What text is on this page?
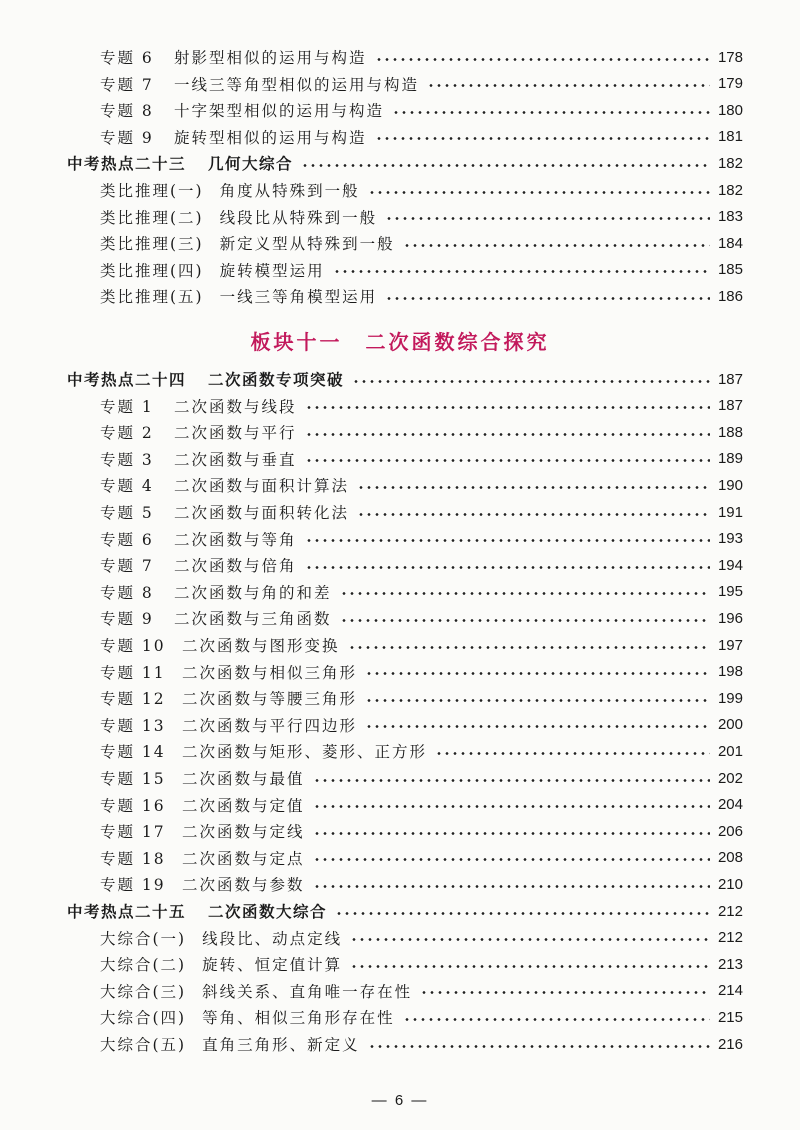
专题 6 射影型相似的运用与构造	178
专题 7 一线三等角型相似的运用与构造	179
专题 8 十字架型相似的运用与构造	180
专题 9 旋转型相似的运用与构造	181
中考热点二十三 几何大综合	182
类比推理(一) 角度从特殊到一般	182
类比推理(二) 线段比从特殊到一般	183
类比推理(三) 新定义型从特殊到一般	184
类比推理(四) 旋转模型运用	185
类比推理(五) 一线三等角模型运用	186
中考热点二十四 二次函数专项突破	187
专题 1 二次函数与线段	187
专题 2 二次函数与平行	188
专题 3 二次函数与垂直	189
专题 4 二次函数与面积计算法	190
专题 5 二次函数与面积转化法	191
专题 6 二次函数与等角	193
专题 7 二次函数与倍角	194
专题 8 二次函数与角的和差	195
专题 9 二次函数与三角函数	196
专题 10 二次函数与图形变换	197
专题 11 二次函数与相似三角形	198
专题 12 二次函数与等腰三角形	199
专题 13 二次函数与平行四边形	200
专题 14 二次函数与矩形、菱形、正方形	201
专题 15 二次函数与最值	202
专题 16 二次函数与定值	204
专题 17 二次函数与定线	206
专题 18 二次函数与定点	208
专题 19 二次函数与参数	210
中考热点二十五 二次函数大综合	212
大综合(一) 线段比、动点定线	212
大综合(二) 旋转、恒定值计算	213
大综合(三) 斜线关系、直角唯一存在性	214
大综合(四) 等角、相似三角形存在性	215
大综合(五) 直角三角形、新定义	216
板块十一　二次函数综合探究
— 6 —
